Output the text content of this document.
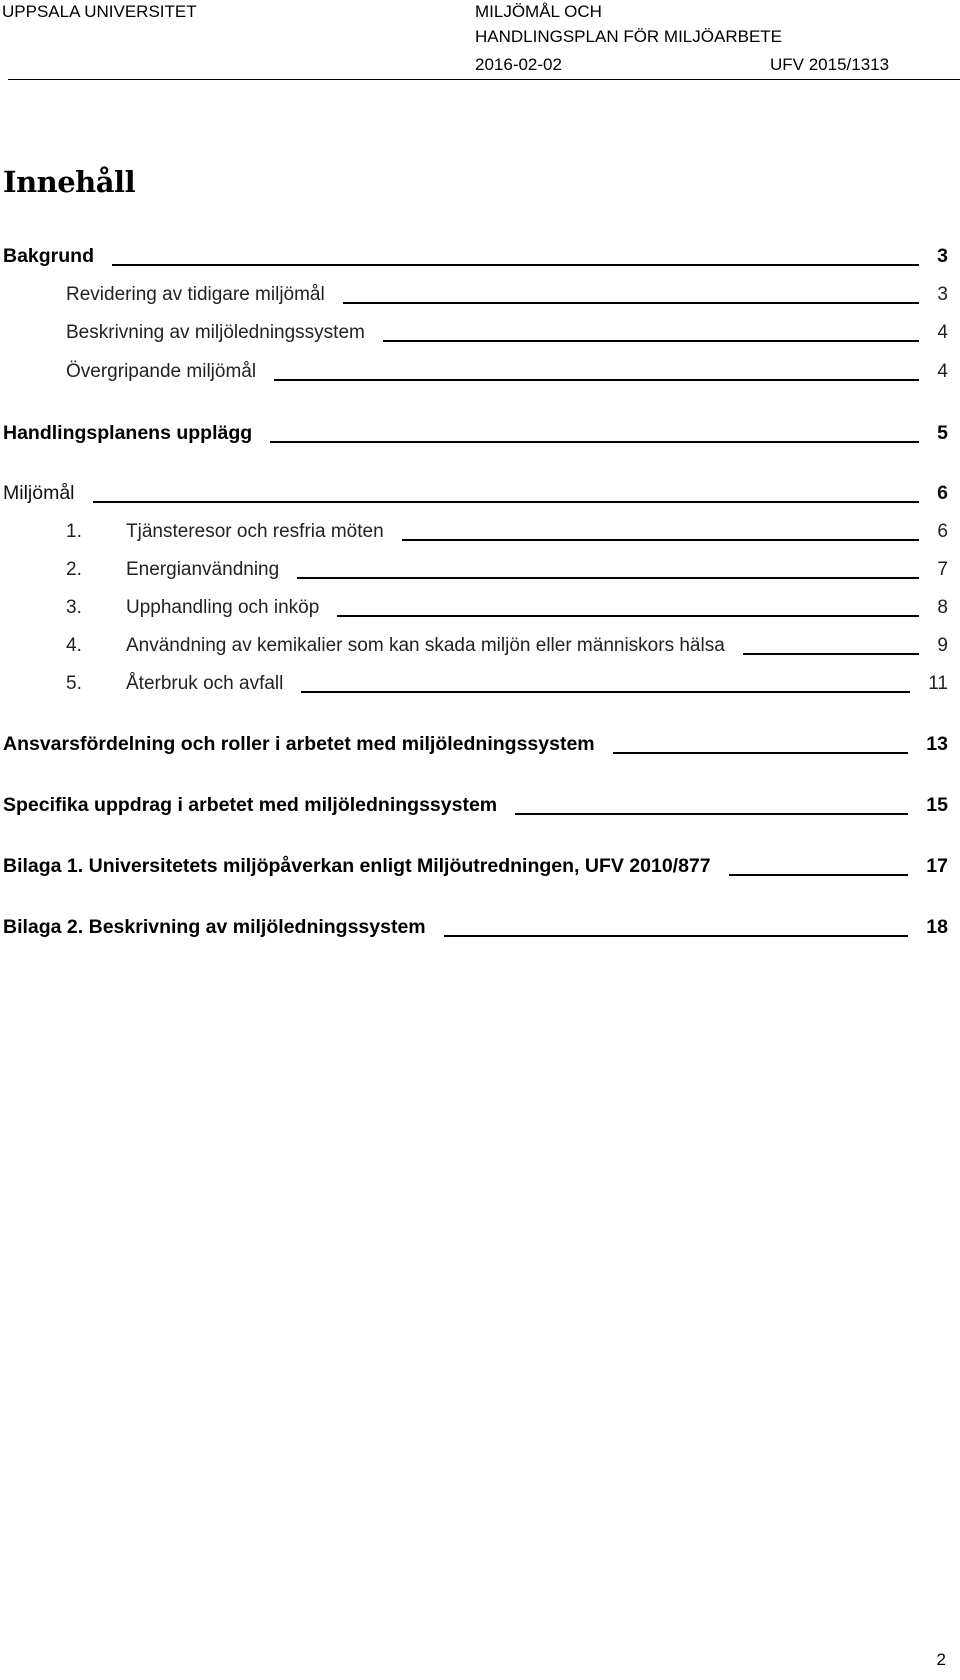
UPPSALA UNIVERSITET	MILJÖMÅL OCH
HANDLINGSPLAN FÖR MILJÖARBETE
2016-02-02	UFV 2015/1313
Innehåll
Bakgrund	3
Revidering av tidigare miljömål	3
Beskrivning av miljöledningssystem	4
Övergripande miljömål	4
Handlingsplanens upplägg	5
Miljömål	6
1.	Tjänsteresor och resfria möten	6
2.	Energianvändning	7
3.	Upphandling och inköp	8
4.	Användning av kemikalier som kan skada miljön eller människors hälsa	9
5.	Återbruk och avfall	11
Ansvarsfördelning och roller i arbetet med miljöledningssystem	13
Specifika uppdrag i arbetet med miljöledningssystem	15
Bilaga 1. Universitetets miljöpåverkan enligt Miljöutredningen, UFV 2010/877	17
Bilaga 2. Beskrivning av miljöledningssystem	18
2
